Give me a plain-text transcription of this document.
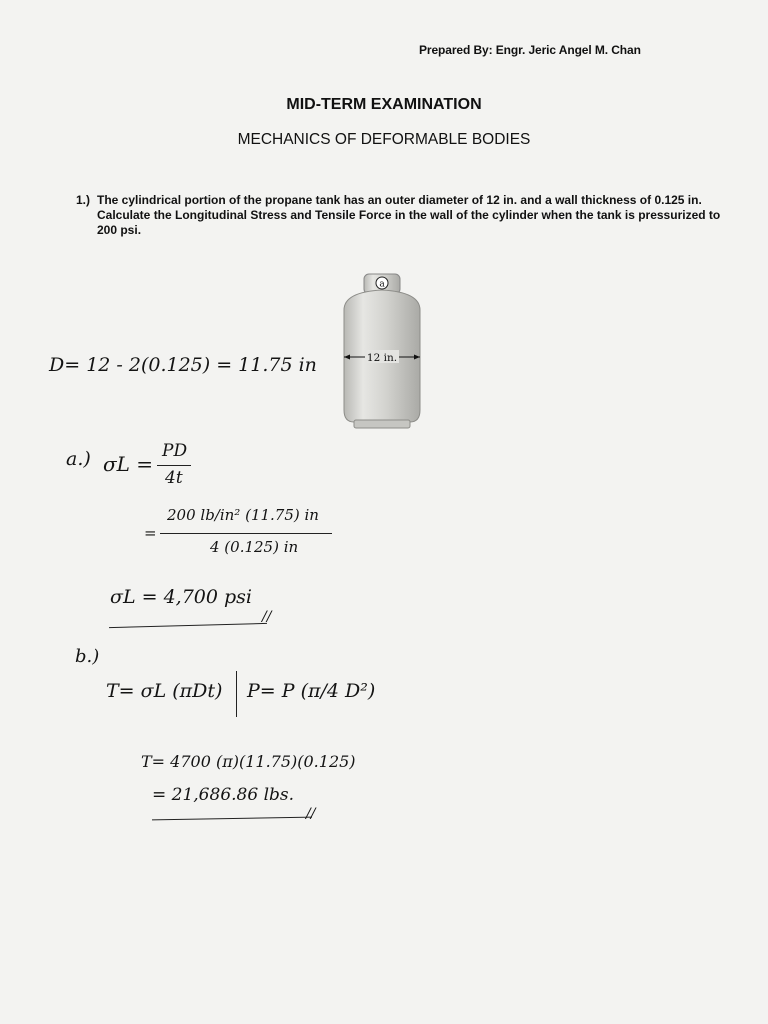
Prepared By: Engr. Jeric Angel M. Chan
MID-TERM EXAMINATION
MECHANICS OF DEFORMABLE BODIES
1.) The cylindrical portion of the propane tank has an outer diameter of 12 in. and a wall thickness of 0.125 in. Calculate the Longitudinal Stress and Tensile Force in the wall of the cylinder when the tank is pressurized to 200 psi.
a
12 in.
D= 12 - 2(0.125) = 11.75 in
a.) σL =
PD
4t
=
200 lb/in² (11.75) in
4 (0.125) in
σL = 4,700 psi
//
b.)
T= σL (πDt) P= P (π/4 D²)
T= 4700 (π)(11.75)(0.125)
= 21,686.86 lbs.
//
